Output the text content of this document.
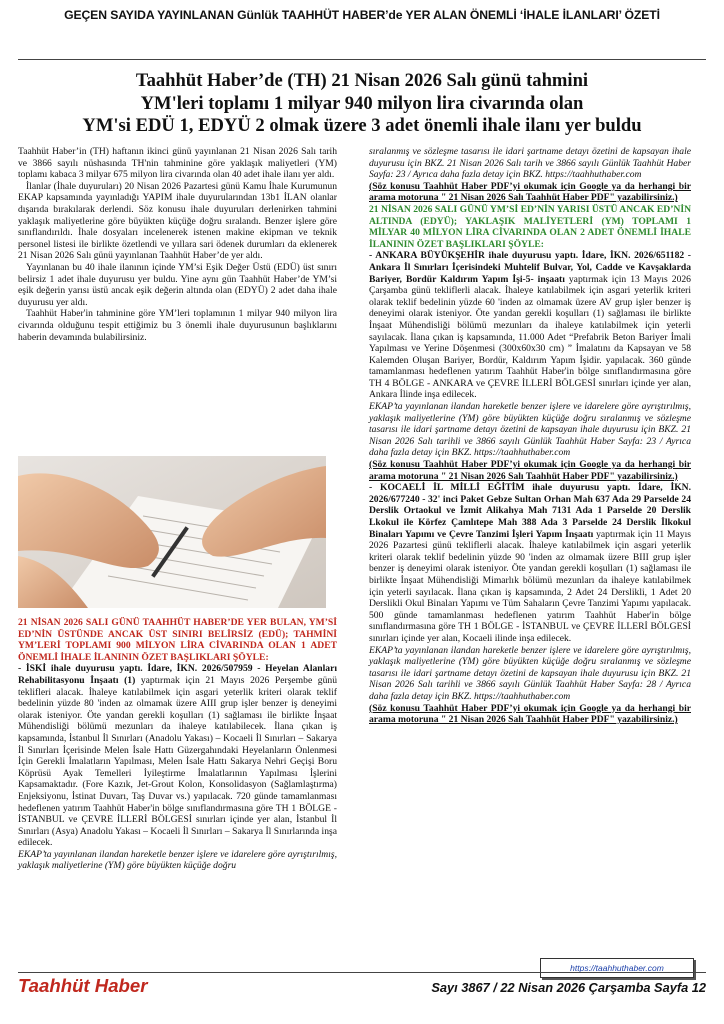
GEÇEN SAYIDA YAYINLANAN Günlük TAAHHÜT HABER’de YER ALAN ÖNEMLİ ‘İHALE İLANLARI’ ÖZETİ
Taahhüt Haber’de (TH) 21 Nisan 2026 Salı günü tahmini
YM'leri toplamı 1 milyar 940 milyon lira civarında olan
YM'si EDÜ 1, EDYÜ 2 olmak üzere 3 adet önemli ihale ilanı yer buldu

Taahhüt Haber’in (TH) haftanın ikinci günü yayınlanan 21 Nisan 2026 Salı tarih ve 3866 sayılı nüshasında TH'nin tahminine göre yaklaşık maliyetleri (YM) toplamı kabaca 3 milyar 675 milyon lira civarında olan 40 adet ihale ilanı yer aldı.

İlanlar (İhale duyuruları) 20 Nisan 2026 Pazartesi günü Kamu İhale Kurumunun EKAP kapsamında yayınladığı YAPIM ihale duyurularından 13b1 İLAN olanlar dışarıda bırakılarak derlendi. Söz konusu ihale duyuruları derlenirken tahmini yaklaşık maliyetlerine göre büyükten küçüğe doğru sıralandı. Benzer işlere göre sınıflandırıldı. İhale dosyaları incelenerek istenen makine ekipman ve teknik personel listesi ile birlikte özetlendi ve yıllara sari ödenek durumları da eklenerek 21 Nisan 2026 Salı günü yayınlanan Taahhüt Haber’de yer aldı.

Yayınlanan bu 40 ihale ilanının içinde YM’si Eşik Değer Üstü (EDÜ) üst sınırı belirsiz 1 adet ihale duyurusu yer buldu. Yine aynı gün Taahhüt Haber’de YM’si eşik değerin yarısı üstü ancak eşik değerin altında olan (EDYÜ) 2 adet daha ihale duyurusu yer aldı.

Taahhüt Haber'in tahminine göre YM’leri toplamının 1 milyar 940 milyon lira civarında olduğunu tespit ettiğimiz bu 3 önemli ihale duyurusunun başlıklarını haberin devamında bulabilirsiniz.

21 NİSAN 2026 SALI GÜNÜ TAAHHÜT HABER’DE YER BULAN, YM’Sİ ED’NİN ÜSTÜNDE ANCAK ÜST SINIRI BELİRSİZ (EDÜ); TAHMİNİ YM’LERİ TOPLAMI 900 MİLYON LİRA CİVARINDA OLAN 1 ADET ÖNEMLİ İHALE İLANININ ÖZET BAŞLIKLARI ŞÖYLE:
- İSKİ ihale duyurusu yaptı. İdare, İKN. 2026/507959 - Heyelan Alanları Rehabilitasyonu İnşaatı (1) yaptırmak için 21 Mayıs 2026 Perşembe günü teklifleri alacak. İhaleye katılabilmek için asgari yeterlik kriteri olarak teklif bedelinin yüzde 80 'inden az olmamak üzere AIII grup işler benzer iş deneyimi olarak isteniyor. Öte yandan gerekli koşulları (1) sağlaması ile birlikte İnşaat Mühendisliği bölümü mezunları da ihaleye katılabilecek. İlana çıkan iş kapsamında, İstanbul İl Sınırları (Anadolu Yakası) – Kocaeli İl Sınırları – Sakarya İl Sınırları İçerisinde Melen İsale Hattı Güzergahındaki Heyelanların Önlenmesi İçin Gerekli İmalatların Yapılması, Melen İsale Hattı Sakarya Nehri Geçişi Boru Köprüsü Ayak Temelleri İyileştirme İmalatlarının Yapılması İşlerini Kapsamaktadır. (Fore Kazık, Jet-Grout Kolon, Konsolidasyon (Sağlamlaştırma) Enjeksiyonu, İstinat Duvarı, Taş Duvar vs.) yapılacak. 720 günde tamamlanması hedeflenen yatırım Taahhüt Haber'in bölge sınıflandırmasına göre TH 1 BÖLGE - İSTANBUL ve ÇEVRE İLLERİ BÖLGESİ sınırları içinde yer alan, İstanbul İl Sınırları (Asya) Anadolu Yakası – Kocaeli İl Sınırları – Sakarya İl Sınırlarında inşa edilecek.
EKAP’ta yayınlanan ilandan hareketle benzer işlere ve idarelere göre ayrıştırılmış, yaklaşık maliyetlerine (YM) göre büyükten küçüğe doğru
sıralanmış ve sözleşme tasarısı ile idari şartname detayı özetini de kapsayan ihale duyurusu için BKZ. 21 Nisan 2026 Salı tarih ve 3866 sayılı Günlük Taahhüt Haber Sayfa: 23 / Ayrıca daha fazla detay için BKZ. https://taahhuthaber.com
(Söz konusu Taahhüt Haber PDF’yi okumak için Google ya da herhangi bir arama motoruna " 21 Nisan 2026 Salı Taahhüt Haber PDF" yazabilirsiniz.)
21 NİSAN 2026 SALI GÜNÜ YM’Sİ ED’NİN YARISI ÜSTÜ ANCAK ED’NİN ALTINDA (EDYÜ); YAKLAŞIK MALİYETLERİ (YM) TOPLAMI 1 MİLYAR 40 MİLYON LİRA CİVARINDA OLAN 2 ADET ÖNEMLİ İHALE İLANININ ÖZET BAŞLIKLARI ŞÖYLE:
- ANKARA BÜYÜKŞEHİR ihale duyurusu yaptı. İdare, İKN. 2026/651182 - Ankara İl Sınırları İçerisindeki Muhtelif Bulvar, Yol, Cadde ve Kavşaklarda Bariyer, Bordür Kaldırım Yapım İşi-5- inşaatı yaptırmak için 13 Mayıs 2026 Çarşamba günü tekliflerli alacak. İhaleye katılabilmek için asgari yeterlik kriteri olarak teklif bedelinin yüzde 60 'inden az olmamak üzere AV grup işler benzer iş deneyimi olarak isteniyor. Öte yandan gerekli koşulları (1) sağlaması ile birlikte İnşaat Mühendisliği bölümü mezunları da ihaleye katılabilmek için yeterli sayılacak. İlana çıkan iş kapsamında, 11.000 Adet “Prefabrik Beton Bariyer İmali Yapılması ve Yerine Döşenmesi (300x60x30 cm) ” İmalatını da Kapsayan ve 58 Kalemden Oluşan Bariyer, Bordür, Kaldırım Yapım İşidir. yapılacak. 360 günde tamamlanması hedeflenen yatırım Taahhüt Haber'in bölge sınıflandırmasına göre TH 4 BÖLGE - ANKARA ve ÇEVRE İLLERİ BÖLGESİ sınırları içinde yer alan, Ankara İlinde inşa edilecek.
EKAP’ta yayınlanan ilandan hareketle benzer işlere ve idarelere göre ayrıştırılmış, yaklaşık maliyetlerine (YM) göre büyükten küçüğe doğru sıralanmış ve sözleşme tasarısı ile idari şartname detayı özetini de kapsayan ihale duyurusu için BKZ. 21 Nisan 2026 Salı tarihli ve 3866 sayılı Günlük Taahhüt Haber Sayfa: 23 / Ayrıca daha fazla detay için BKZ. https://taahhuthaber.com
(Söz konusu Taahhüt Haber PDF’yi okumak için Google ya da herhangi bir arama motoruna " 21 Nisan 2026 Salı Taahhüt Haber PDF" yazabilirsiniz.)
- KOCAELİ İL MİLLİ EĞİTİM ihale duyurusu yaptı. İdare, İKN. 2026/677240 - 32' inci Paket Gebze Sultan Orhan Mah 637 Ada 29 Parselde 24 Derslik Ortaokul ve İzmit Alikahya Mah 7131 Ada 1 Parselde 20 Derslik Lkokul ile Körfez Çamlıtepe Mah 388 Ada 3 Parselde 24 Derslik İlkokul Binaları Yapımı ve Çevre Tanzimi İşleri Yapım İnşaatı yaptırmak için 11 Mayıs 2026 Pazartesi günü tekliflerli alacak. İhaleye katılabilmek için asgari yeterlik kriteri olarak teklif bedelinin yüzde 90 'inden az olmamak üzere BIII grup işler benzer iş deneyimi olarak isteniyor. Öte yandan gerekli koşulları (1) sağlaması ile birlikte İnşaat Mühendisliği Mimarlık bölümü mezunları da ihaleye katılabilmek için yeterli sayılacak. İlana çıkan iş kapsamında, 2 Adet 24 Derslikli, 1 Adet 20 Derslikli Okul Binaları Yapımı ve Tüm Sahaların Çevre Tanzimi Yapımı yapılacak. 500 günde tamamlanması hedeflenen yatırım Taahhüt Haber'in bölge sınıflandırmasına göre TH 1 BÖLGE - İSTANBUL ve ÇEVRE İLLERİ BÖLGESİ sınırları içinde yer alan, Kocaeli ilinde inşa edilecek.
EKAP’ta yayınlanan ilandan hareketle benzer işlere ve idarelere göre ayrıştırılmış, yaklaşık maliyetlerine (YM) göre büyükten küçüğe doğru sıralanmış ve sözleşme tasarısı ile idari şartname detayı özetini de kapsayan ihale duyurusu için BKZ. 21 Nisan 2026 Salı tarihli ve 3866 sayılı Günlük Taahhüt Haber Sayfa: 28 / Ayrıca daha fazla detay için BKZ. https://taahhuthaber.com
(Söz konusu Taahhüt Haber PDF’yi okumak için Google ya da herhangi bir arama motoruna " 21 Nisan 2026 Salı Taahhüt Haber PDF" yazabilirsiniz.)
https://taahhuthaber.com
Taahhüt Haber	Sayı 3867 / 22 Nisan 2026 Çarşamba Sayfa 12
